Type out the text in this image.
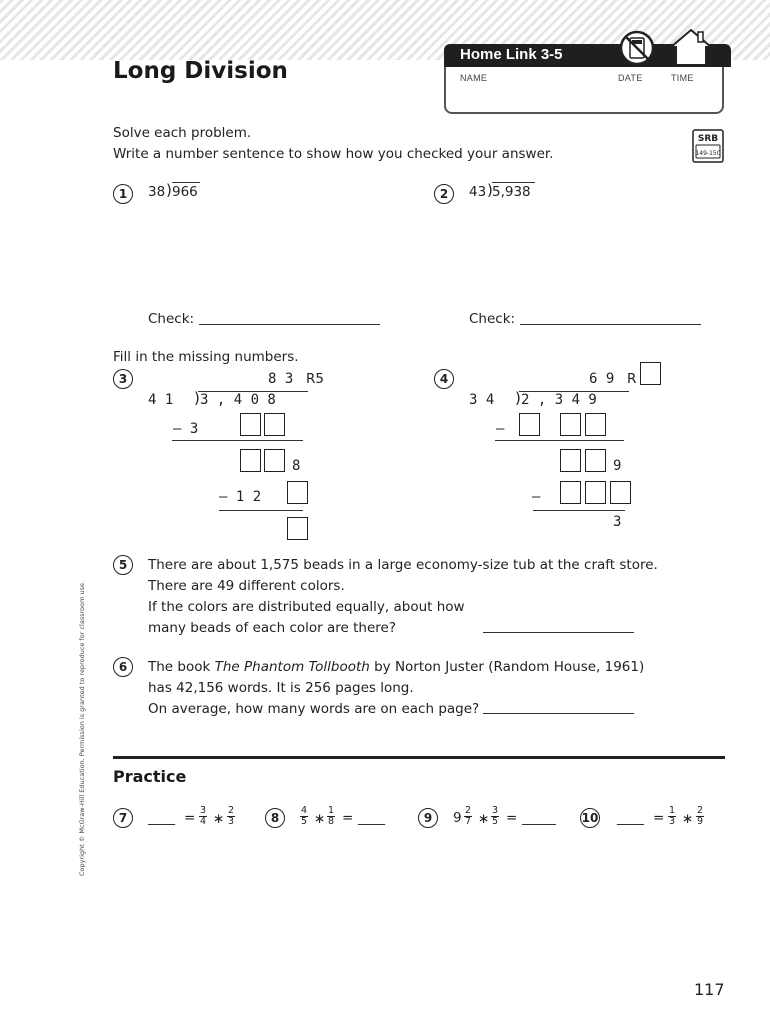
Long Division
Home Link 3-5
NAME	DATE	TIME
Solve each problem.
Write a number sentence to show how you checked your answer.
SRB
149-150
1	38 ) 966	2	43 ) 5,938
Check:	Check:
Fill in the missing numbers.
3	8 3 R5
4 1 ) 3 , 4 0 8
– 3
8
– 1 2
4	6 9 R
3 4 ) 2 , 3 4 9
–
9
–
3
5	There are about 1,575 beads in a large economy-size tub at the craft store.
There are 49 different colors.
If the colors are distributed equally, about how
many beads of each color are there?
6	The book The Phantom Tollbooth by Norton Juster (Random House, 1961)
has 42,156 words. It is 256 pages long.
On average, how many words are on each page?
Copyright © McGraw-Hill Education. Permission is granted to reproduce for classroom use. Practice
7	____ = $\frac{3}{4}$ ∗ $\frac{2}{3}$	8	$\frac{4}{5}$ ∗ $\frac{1}{8}$ = ____	9	$9 \frac{2}{7}$ ∗ $\frac{3}{5}$ = _____ 10 ____ = $\frac{1}{3}$ ∗ $\frac{2}{9}$
117
